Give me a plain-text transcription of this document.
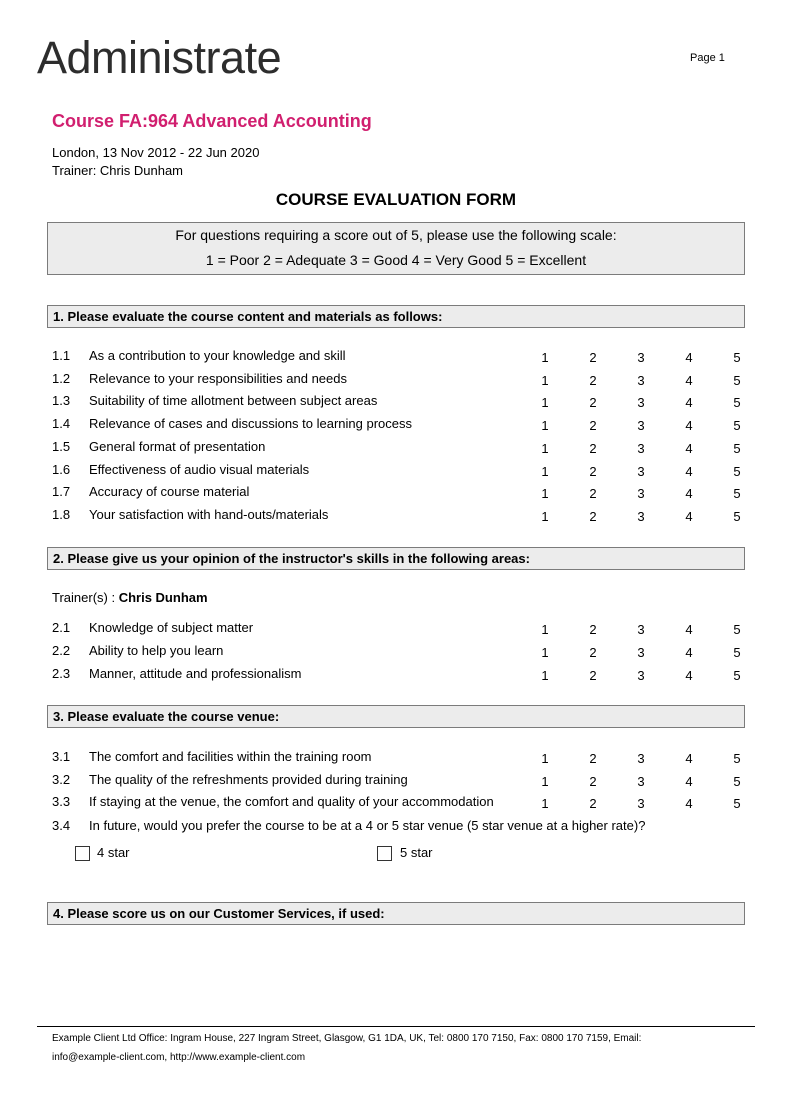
Administrate	Page 1
Course FA:964 Advanced Accounting
London, 13 Nov 2012 - 22 Jun 2020
Trainer: Chris Dunham
COURSE EVALUATION FORM
For questions requiring a score out of 5, please use the following scale:
1 = Poor 2 = Adequate 3 = Good 4 = Very Good 5 = Excellent
1. Please evaluate the course content and materials as follows:
1.1 As a contribution to your knowledge and skill	1	2	3	4	5
1.2 Relevance to your responsibilities and needs	1	2	3	4	5
1.3 Suitability of time allotment between subject areas	1	2	3	4	5
1.4 Relevance of cases and discussions to learning process	1	2	3	4	5
1.5 General format of presentation	1	2	3	4	5
1.6 Effectiveness of audio visual materials	1	2	3	4	5
1.7 Accuracy of course material	1	2	3	4	5
1.8 Your satisfaction with hand-outs/materials	1	2	3	4	5
2. Please give us your opinion of the instructor's skills in the following areas:
Trainer(s) : Chris Dunham
2.1 Knowledge of subject matter	1	2	3	4	5
2.2 Ability to help you learn	1	2	3	4	5
2.3 Manner, attitude and professionalism	1	2	3	4	5
3. Please evaluate the course venue:
3.1 The comfort and facilities within the training room	1	2	3	4	5
3.2 The quality of the refreshments provided during training	1	2	3	4	5
3.3 If staying at the venue, the comfort and quality of your accommodation	1	2	3	4	5
3.4 In future, would you prefer the course to be at a 4 or 5 star venue (5 star venue at a higher rate)?
4 star	5 star
4. Please score us on our Customer Services, if used:
Example Client Ltd Office: Ingram House, 227 Ingram Street, Glasgow, G1 1DA, UK, Tel: 0800 170 7150, Fax: 0800 170 7159, Email:
info@example-client.com, http://www.example-client.com
